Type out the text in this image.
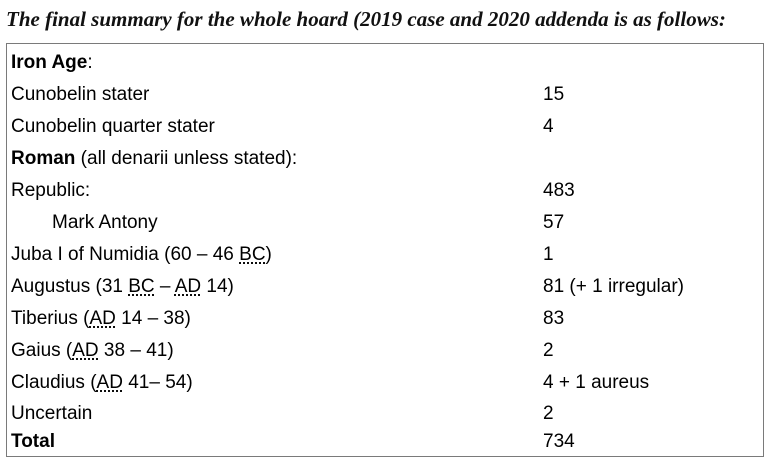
The final summary for the whole hoard (2019 case and 2020 addenda is as follows:
Iron Age:
Cunobelin stater	15
Cunobelin quarter stater	4
Roman (all denarii unless stated):
Republic:	483
Mark Antony	57
Juba I of Numidia (60 – 46 BC)	1
Augustus (31 BC – AD 14)	81 (+ 1 irregular)
Tiberius (AD 14 – 38)	83
Gaius (AD 38 – 41)	2
Claudius (AD 41– 54)	4 + 1 aureus
Uncertain	2
Total	734
